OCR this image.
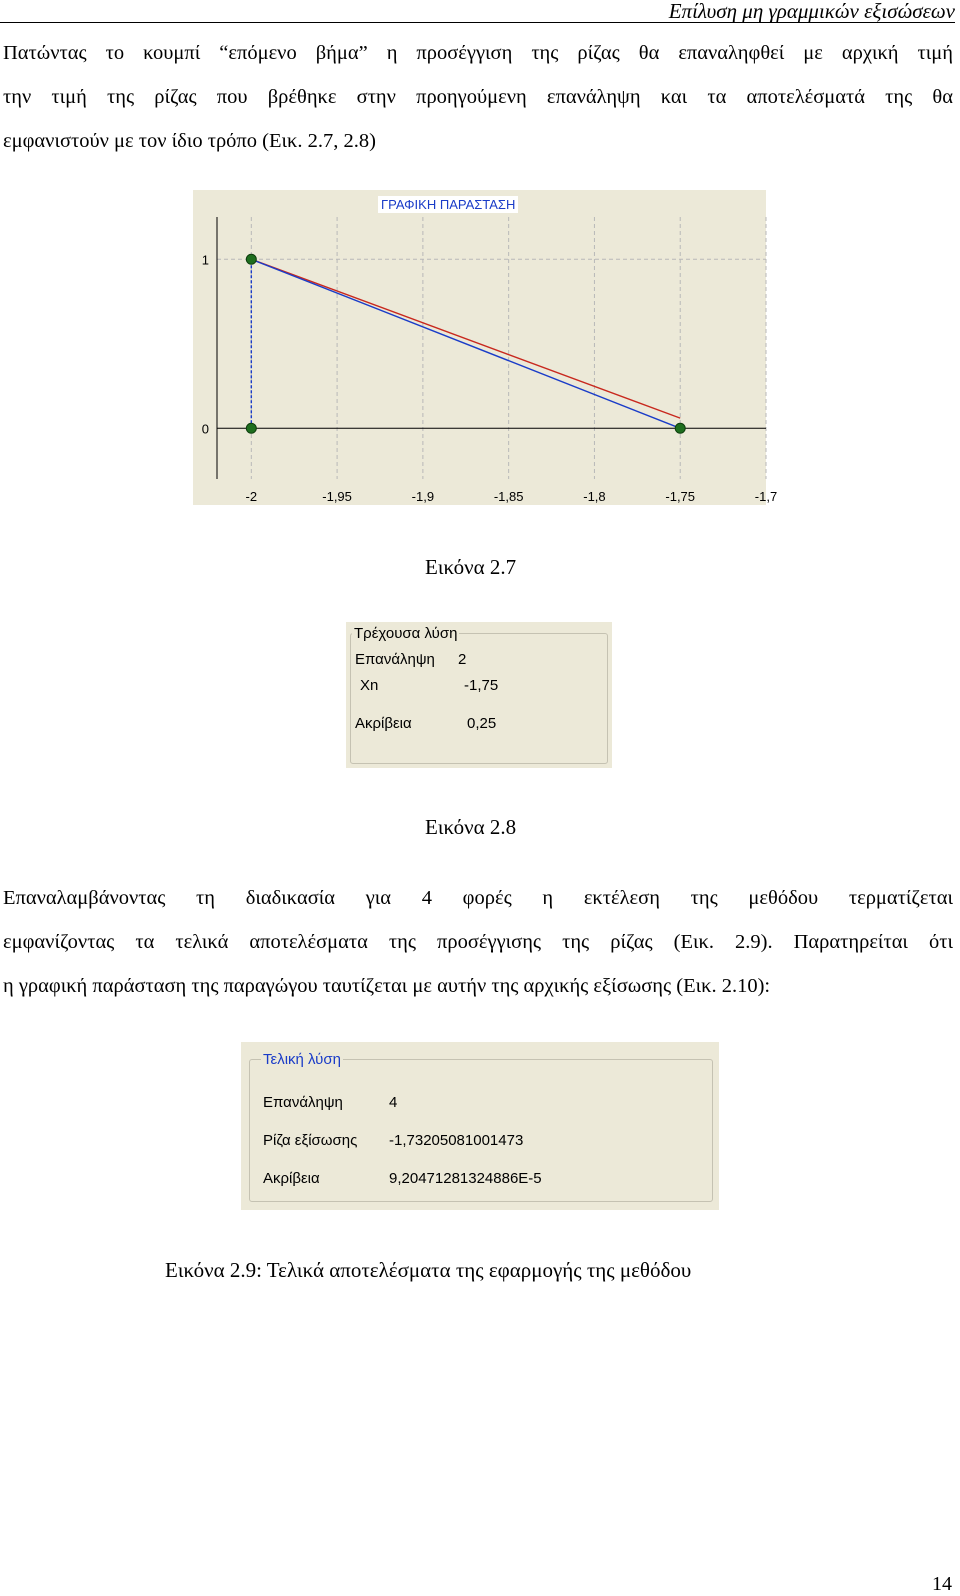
Επίλυση μη γραμμικών εξισώσεων

Πατώντας το κουμπί “επόμενο βήμα” η προσέγγιση της ρίζας θα επαναληφθεί με αρχική τιμή
την τιμή της ρίζας που βρέθηκε στην προηγούμενη επανάληψη και τα αποτελέσματά της θα
εμφανιστούν με τον ίδιο τρόπο (Εικ. 2.7, 2.8)

-2	-1,95	-1,9	-1,85	-1,8	-1,75	-1,7
0
1
ΓΡΑΦΙΚΗ ΠΑΡΑΣΤΑΣΗ
Εικόνα 2.7
Τρέχουσα λύση
Επανάληψη 2
Xn	-1,75
Ακρίβεια	0,25
Εικόνα 2.8

Επαναλαμβάνοντας τη διαδικασία για 4 φορές η εκτέλεση της μεθόδου τερματίζεται
εμφανίζοντας τα τελικά αποτελέσματα της προσέγγισης της ρίζας (Εικ. 2.9). Παρατηρείται ότι
η γραφική παράσταση της παραγώγου ταυτίζεται με αυτήν της αρχικής εξίσωσης (Εικ. 2.10):

Τελική λύση
Επανάληψη	4
Ρίζα εξίσωσης -1,73205081001473
Ακρίβεια	9,20471281324886E-5
Εικόνα 2.9: Τελικά αποτελέσματα της εφαρμογής της μεθόδου
14
